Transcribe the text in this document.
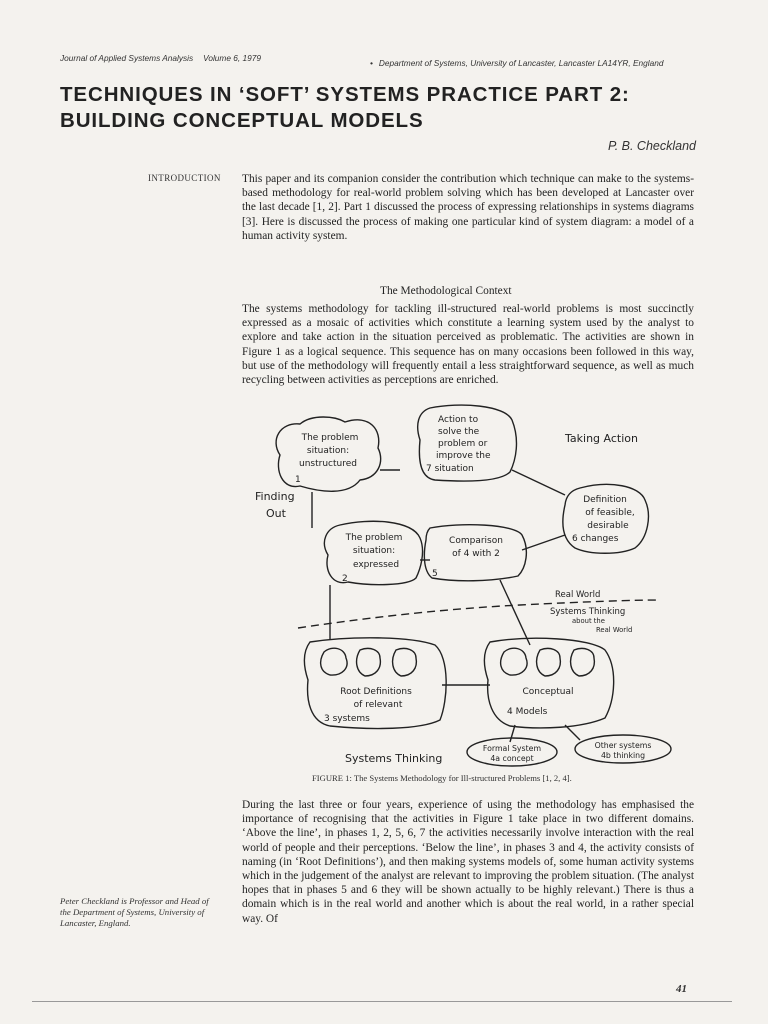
Journal of Applied Systems Analysis Volume 6, 1979	• Department of Systems, University of Lancaster, Lancaster LA14YR, England
TECHNIQUES IN ‘SOFT’ SYSTEMS PRACTICE PART 2:
BUILDING CONCEPTUAL MODELS
P. B. Checkland
INTRODUCTION This paper and its companion consider the contribution which technique can make to the systems-based methodology for real-world problem solving which has been developed at Lancaster over the last decade [1, 2]. Part 1 discussed the process of expressing relationships in systems diagrams [3]. Here is discussed the process of making one particular kind of system diagram: a model of a human activity system.
The Methodological Context
The systems methodology for tackling ill-structured real-world problems is most succinctly expressed as a mosaic of activities which constitute a learning system used by the analyst to explore and take action in the situation perceived as problematic. The activities are shown in Figure 1 as a logical sequence. This sequence has on many occasions been followed in this way, but use of the methodology will frequently entail a less straightforward sequence, as well as much recycling between activities as perceptions are enriched.
The problem
situation:
unstructured
1
Action to
solve the
problem or
improve the
7 situation
Definition
of feasible,
desirable
6 changes
The problem
situation:
expressed
2
Comparison
of 4 with 2
5
Root Definitions
of relevant
3 systems
Conceptual
4 Models
Formal System
4a concept
Other systems
4b thinking
Taking Action
Finding
Out
Systems Thinking
Real World
Systems Thinking
about the
Real World
FIGURE 1: The Systems Methodology for Ill-structured Problems [1, 2, 4].
During the last three or four years, experience of using the methodology has emphasised the importance of recognising that the activities in Figure 1 take place in two different domains. ‘Above the line’, in phases 1, 2, 5, 6, 7 the activities necessarily involve interaction with the real world of people and their perceptions. ‘Below the line’, in phases 3 and 4, the activity consists of naming (in ‘Root Definitions’), and then making systems models of, some human activity systems which in the judgement of the analyst are relevant to improving the problem situation. (The analyst hopes that in phases 5 and 6 they will be shown actually to be highly relevant.) There is thus a domain which is in the real world and another which is about the real world, in a rather special way. Of
Peter Checkland is Professor and Head of the Department of Systems, University of Lancaster, England.
41
